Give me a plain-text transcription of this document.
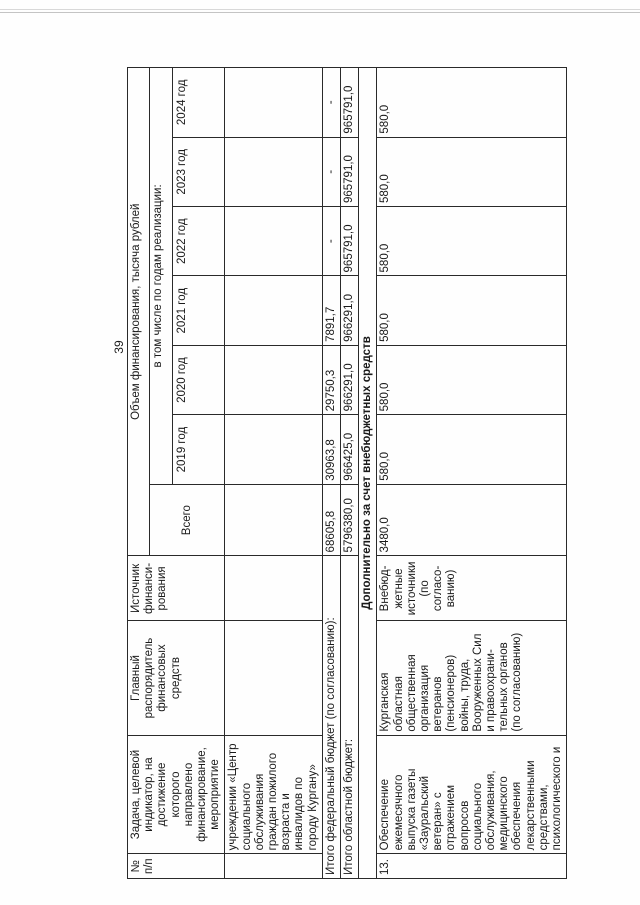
39
№ п/п	Задача, целевой индикатор, на достижение которого направлено финансирование, мероприятие	Главный распорядитель финансовых средств	Источник финанси-рования	Объем финансирования, тысяча рублей						
				Всего	в том числе по годам реализации:					
					2019 год	2020 год	2021 год	2022 год	2023 год	2024 год
	учреждении «Центр социального обслуживания граждан пожилого возраста и инвалидов по городу Кургану»									
Итого федеральный бюджет (по согласованию):				68605,8	30963,8	29750,3	7891,7	-	-	-
Итого областной бюджет:				5796380,0	966425,0	966291,0	966291,0	965791,0	965791,0	965791,0
Дополнительно за счет внебюджетных средств										
13.	Обеспечение ежемесячного выпуска газеты «Зауральский ветеран» с отражением вопросов социального обслуживания, медицинского обеспечения лекарственными средствами, психологического и	Курганская областная общественная организация ветеранов (пенсионеров) войны, труда, Вооруженных Сил и правоохрани-тельных органов (по согласованию)	Внебюд-жетные источники (по согласо-ванию)	3480,0	580,0	580,0	580,0	580,0	580,0	580,0
